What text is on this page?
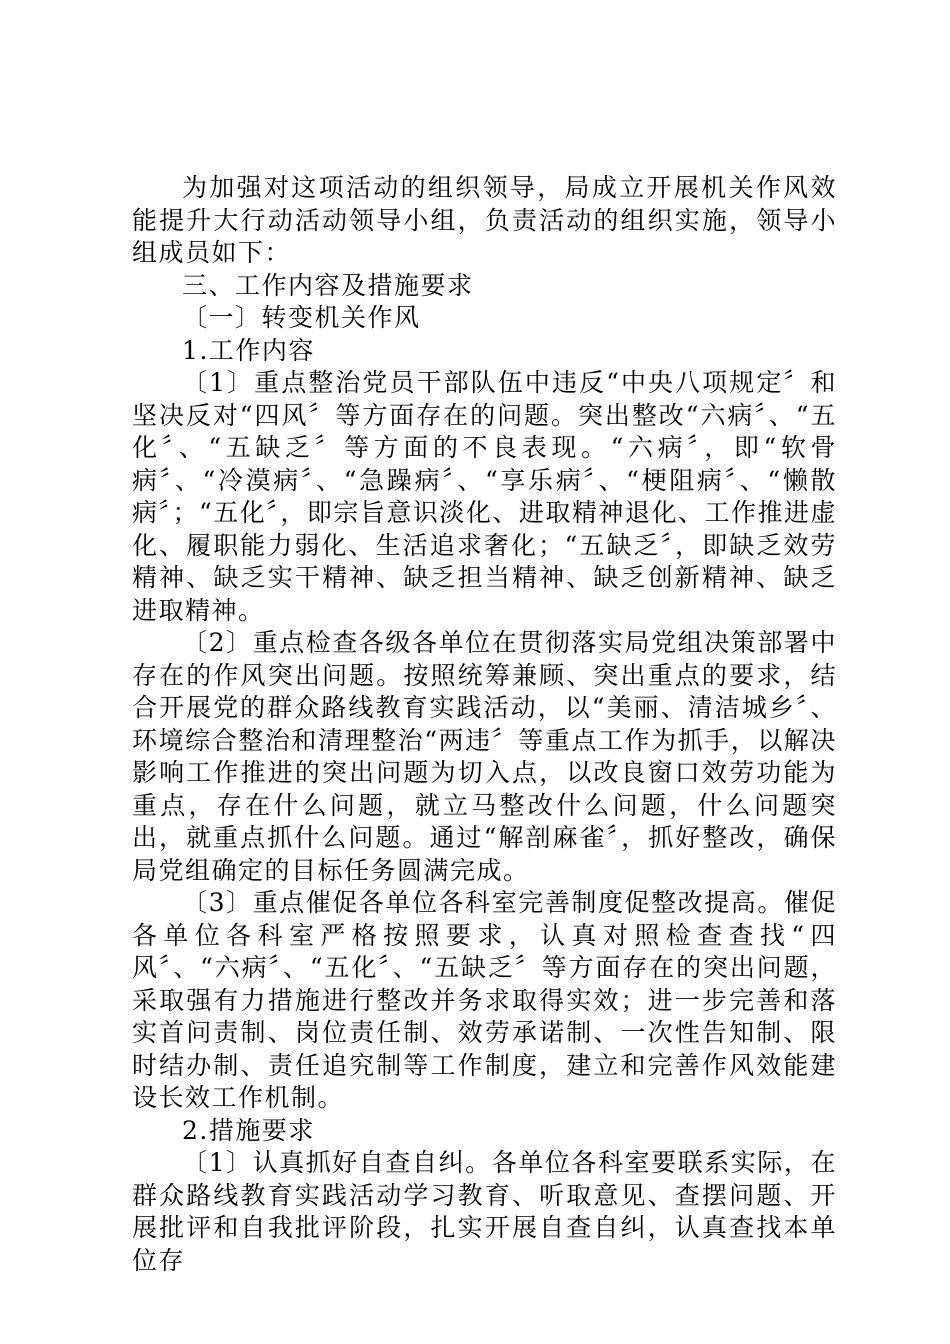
为加强对这项活动的组织领导，局成立开展机关作风效能提升大行动活动领导小组，负责活动的组织实施，领导小组成员如下：

三、工作内容及措施要求

〔一〕转变机关作风

1.工作内容

〔1〕重点整治党员干部队伍中违反“中央八项规定〞和坚决反对“四风〞等方面存在的问题。突出整改“六病〞、“五化〞、“五缺乏〞等方面的不良表现。“六病〞，即“软骨病〞、“冷漠病〞、“急躁病〞、“享乐病〞、“梗阻病〞、“懒散病〞；“五化〞，即宗旨意识淡化、进取精神退化、工作推进虚化、履职能力弱化、生活追求奢化；“五缺乏〞，即缺乏效劳精神、缺乏实干精神、缺乏担当精神、缺乏创新精神、缺乏进取精神。

〔2〕重点检查各级各单位在贯彻落实局党组决策部署中存在的作风突出问题。按照统筹兼顾、突出重点的要求，结合开展党的群众路线教育实践活动，以“美丽、清洁城乡〞、环境综合整治和清理整治“两违〞等重点工作为抓手，以解决影响工作推进的突出问题为切入点，以改良窗口效劳功能为重点，存在什么问题，就立马整改什么问题，什么问题突出，就重点抓什么问题。通过“解剖麻雀〞，抓好整改，确保局党组确定的目标任务圆满完成。

〔3〕重点催促各单位各科室完善制度促整改提高。催促各单位各科室严格按照要求，认真对照检查查找“四风〞、“六病〞、“五化〞、“五缺乏〞等方面存在的突出问题，采取强有力措施进行整改并务求取得实效；进一步完善和落实首问责制、岗位责任制、效劳承诺制、一次性告知制、限时结办制、责任追究制等工作制度，建立和完善作风效能建设长效工作机制。

2.措施要求

〔1〕认真抓好自查自纠。各单位各科室要联系实际，在群众路线教育实践活动学习教育、听取意见、查摆问题、开展批评和自我批评阶段，扎实开展自查自纠，认真查找本单位存
